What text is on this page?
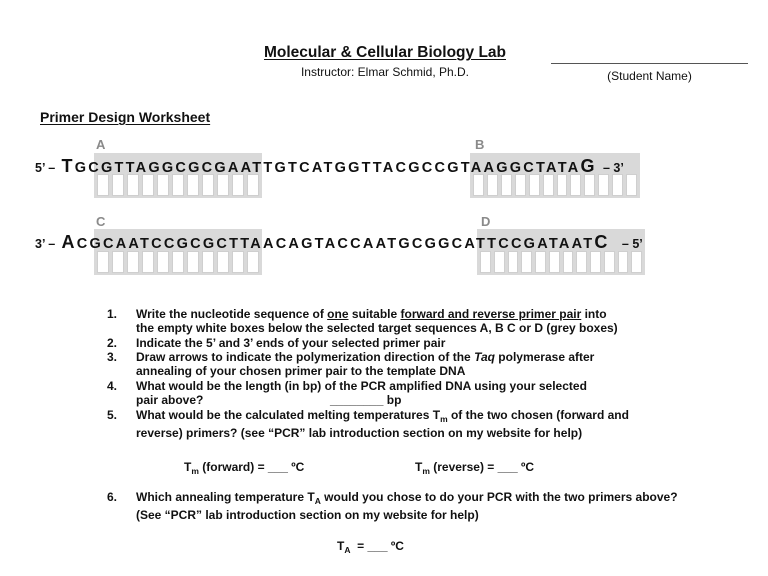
Molecular & Cellular Biology Lab
Instructor: Elmar Schmid, Ph.D.	(Student Name)
Primer Design Worksheet
A	B
C	D
5’ – TGCGTTAGGCGCGAATTGTCATGGTTACGCCGTAAGGCTATAG – 3’
3’ – ACGCAATCCGCGCTTAACAGTACCAATGCGGCATTCCGATAATC – 5’
1. Write the nucleotide sequence of one suitable forward and reverse primer pair into
the empty white boxes below the selected target sequences A, B C or D (grey boxes)
2. Indicate the 5’ and 3’ ends of your selected primer pair
3. Draw arrows to indicate the polymerization direction of the Taq polymerase after
annealing of your chosen primer pair to the template DNA
4. What would be the length (in bp) of the PCR amplified DNA using your selected
pair above?	________ bp
5. What would be the calculated melting temperatures $T_m$ of the two chosen (forward and
reverse) primers? (see “PCR” lab introduction section on my website for help)
$T_m$ (forward) = ___ ºC	$T_m$ (reverse) = ___ ºC
6. Which annealing temperature $T_A$ would you chose to do your PCR with the two primers above?
(See “PCR” lab introduction section on my website for help)
$T_A$  = ___ ºC
